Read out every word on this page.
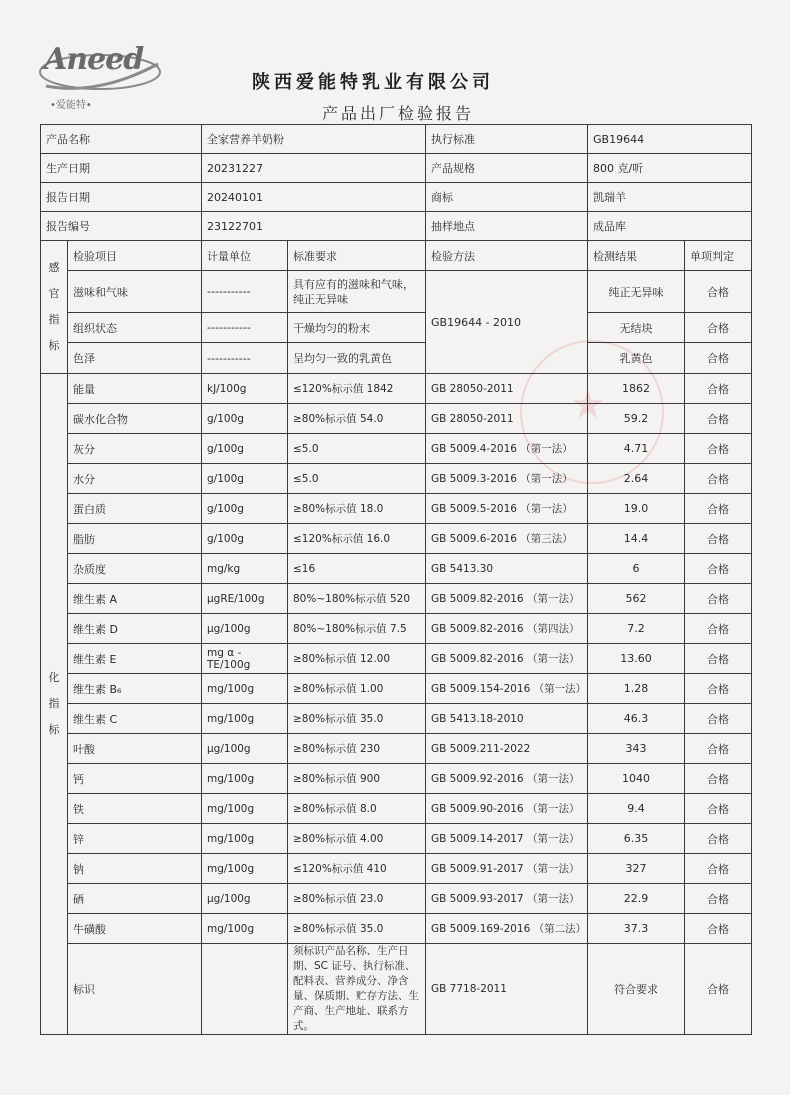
Aneed
•爱能特•
陕西爱能特乳业有限公司
产品出厂检验报告
★
产品名称		全家营养羊奶粉		执行标准	GB19644	
生产日期		20231227		产品规格	800 克/听	
报告日期		20240101		商标	凯瑞羊	
报告编号		23122701		抽样地点	成品库	

感
官
指
标	检验项目	计量单位	标准要求	检验方法	检测结果	单项判定
	滋味和气味	-----------	具有应有的滋味和气味，纯正无异味	GB19644 - 2010	纯正无异味	合格
	组织状态	-----------	干燥均匀的粉末		无结块	合格
	色泽	-----------	呈均匀一致的乳黄色		乳黄色	合格

化
指
标	能量	kJ/100g	≤120%标示值 1842	GB 28050-2011	1862	合格
	碳水化合物	g/100g	≥80%标示值 54.0	GB 28050-2011	59.2	合格
	灰分	g/100g	≤5.0	GB 5009.4-2016 （第一法）	4.71	合格
	水分	g/100g	≤5.0	GB 5009.3-2016 （第一法）	2.64	合格
	蛋白质	g/100g	≥80%标示值 18.0	GB 5009.5-2016 （第一法）	19.0	合格
	脂肪	g/100g	≤120%标示值 16.0	GB 5009.6-2016 （第三法）	14.4	合格
	杂质度	mg/kg	≤16	GB 5413.30	6	合格
	维生素 A	μgRE/100g	80%~180%标示值 520	GB 5009.82-2016 （第一法）	562	合格
	维生素 D	μg/100g	80%~180%标示值 7.5	GB 5009.82-2016 （第四法）	7.2	合格
	维生素 E	mg α -TE/100g	≥80%标示值 12.00	GB 5009.82-2016 （第一法）	13.60	合格
	维生素 B₆	mg/100g	≥80%标示值 1.00	GB 5009.154-2016 （第一法）	1.28	合格
	维生素 C	mg/100g	≥80%标示值 35.0	GB 5413.18-2010	46.3	合格
	叶酸	μg/100g	≥80%标示值 230	GB 5009.211-2022	343	合格
	钙	mg/100g	≥80%标示值 900	GB 5009.92-2016 （第一法）	1040	合格
	铁	mg/100g	≥80%标示值 8.0	GB 5009.90-2016 （第一法）	9.4	合格
	锌	mg/100g	≥80%标示值 4.00	GB 5009.14-2017 （第一法）	6.35	合格
	钠	mg/100g	≤120%标示值 410	GB 5009.91-2017 （第一法）	327	合格
	硒	μg/100g	≥80%标示值 23.0	GB 5009.93-2017 （第一法）	22.9	合格
	牛磺酸	mg/100g	≥80%标示值 35.0	GB 5009.169-2016 （第二法）	37.3	合格
	标识		须标识产品名称、生产日期、SC 证号、执行标准、配料表、营养成分、净含量、保质期、贮存方法、生产商、生产地址、联系方式。	GB 7718-2011	符合要求	合格
